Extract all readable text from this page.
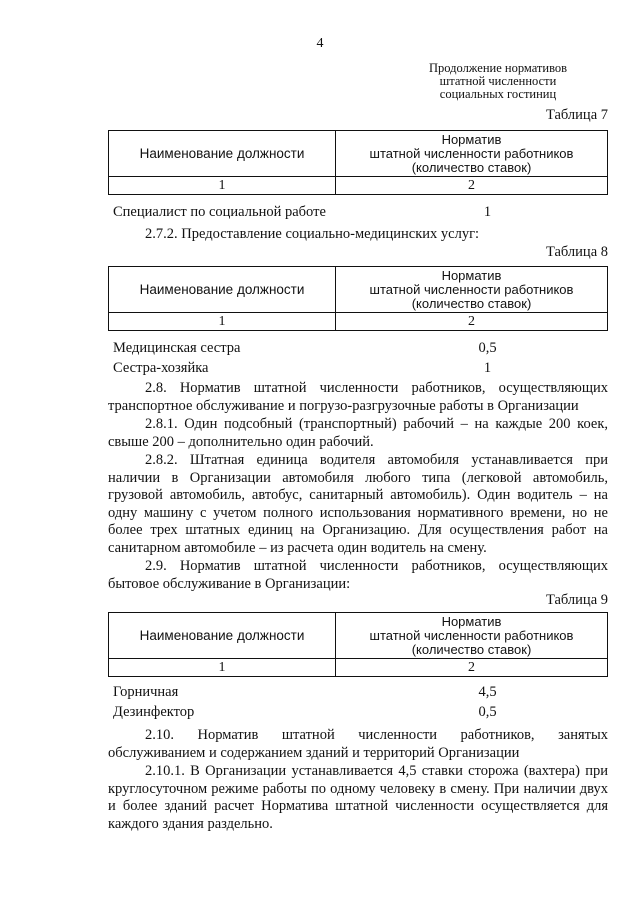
4
Продолжение нормативов
штатной численности
социальных гостиниц
Таблица 7
Наименование должности	Норматив
штатной численности работников
(количество ставок)

1	2
Специалист по социальной работе	1
2.7.2. Предоставление социально-медицинских услуг:
Таблица 8
Наименование должности	Норматив
штатной численности работников
(количество ставок)

1	2
Медицинская сестра	0,5
Сестра-хозяйка	1
2.8. Норматив штатной численности работников, осуществляющих транспортное обслуживание и погрузо-разгрузочные работы в Организации
2.8.1. Один подсобный (транспортный) рабочий – на каждые 200 коек, свыше 200 – дополнительно один рабочий.
2.8.2. Штатная единица водителя автомобиля устанавливается при наличии в Организации автомобиля любого типа (легковой автомобиль, грузовой автомобиль, автобус, санитарный автомобиль). Один водитель – на одну машину с учетом полного использования нормативного времени, но не более трех штатных единиц на Организацию. Для осуществления работ на санитарном автомобиле – из расчета один водитель на смену.
2.9. Норматив штатной численности работников, осуществляющих бытовое обслуживание в Организации:
Таблица 9
Наименование должности	Норматив
штатной численности работников
(количество ставок)

1	2
Горничная	4,5
Дезинфектор	0,5
2.10. Норматив штатной численности работников, занятых обслуживанием и содержанием зданий и территорий Организации
2.10.1. В Организации устанавливается 4,5 ставки сторожа (вахтера) при круглосуточном режиме работы по одному человеку в смену. При наличии двух и более зданий расчет Норматива штатной численности осуществляется для каждого здания раздельно.
